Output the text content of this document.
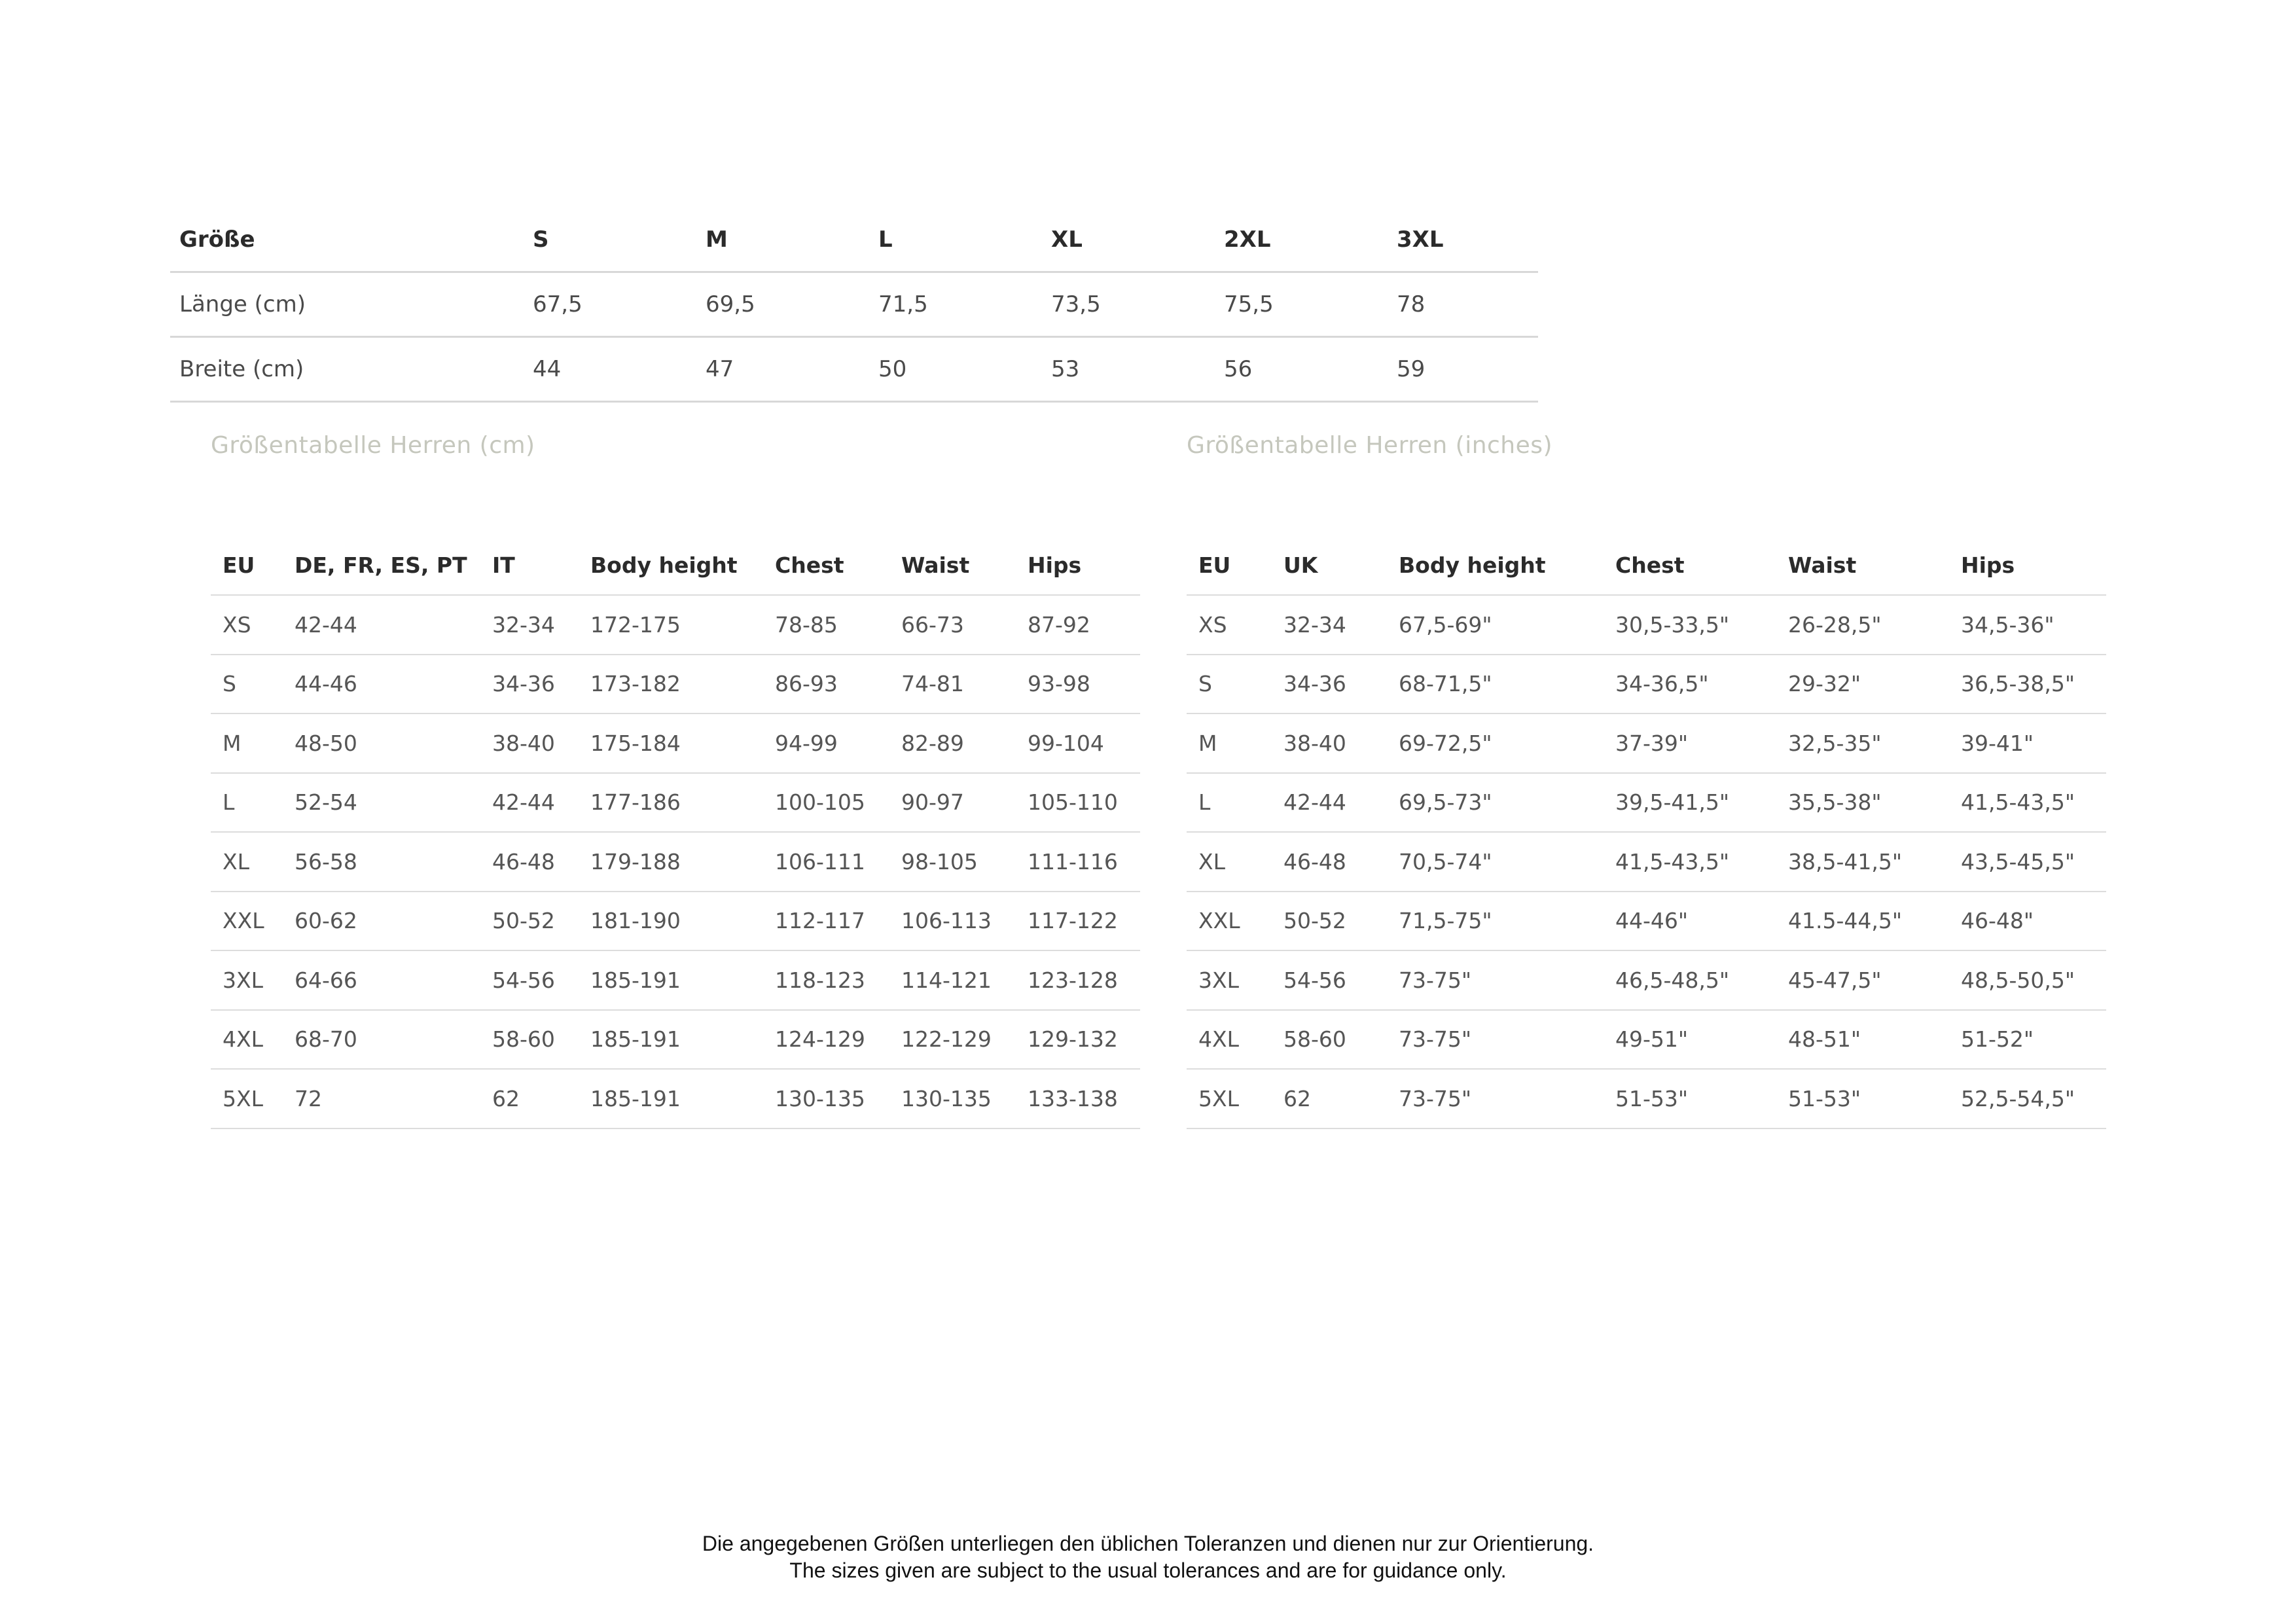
Größe	S	M	L	XL	2XL	3XL
Länge (cm)	67,5	69,5	71,5	73,5	75,5	78
Breite (cm)	44	47	50	53	56	59
Größentabelle Herren (cm)	Größentabelle Herren (inches)
EU	DE, FR, ES, PT	IT	Body height	Chest	Waist	Hips
XS	42-44	32-34	172-175	78-85	66-73	87-92
S	44-46	34-36	173-182	86-93	74-81	93-98
M	48-50	38-40	175-184	94-99	82-89	99-104
L	52-54	42-44	177-186	100-105	90-97	105-110
XL	56-58	46-48	179-188	106-111	98-105	111-116
XXL	60-62	50-52	181-190	112-117	106-113	117-122
3XL	64-66	54-56	185-191	118-123	114-121	123-128
4XL	68-70	58-60	185-191	124-129	122-129	129-132
5XL	72	62	185-191	130-135	130-135	133-138
EU	UK	Body height	Chest	Waist	Hips
XS	32-34	67,5-69"	30,5-33,5"	26-28,5"	34,5-36"
S	34-36	68-71,5"	34-36,5"	29-32"	36,5-38,5"
M	38-40	69-72,5"	37-39"	32,5-35"	39-41"
L	42-44	69,5-73"	39,5-41,5"	35,5-38"	41,5-43,5"
XL	46-48	70,5-74"	41,5-43,5"	38,5-41,5"	43,5-45,5"
XXL	50-52	71,5-75"	44-46"	41.5-44,5"	46-48"
3XL	54-56	73-75"	46,5-48,5"	45-47,5"	48,5-50,5"
4XL	58-60	73-75"	49-51"	48-51"	51-52"
5XL	62	73-75"	51-53"	51-53"	52,5-54,5"
Die angegebenen Größen unterliegen den üblichen Toleranzen und dienen nur zur Orientierung.
The sizes given are subject to the usual tolerances and are for guidance only.
